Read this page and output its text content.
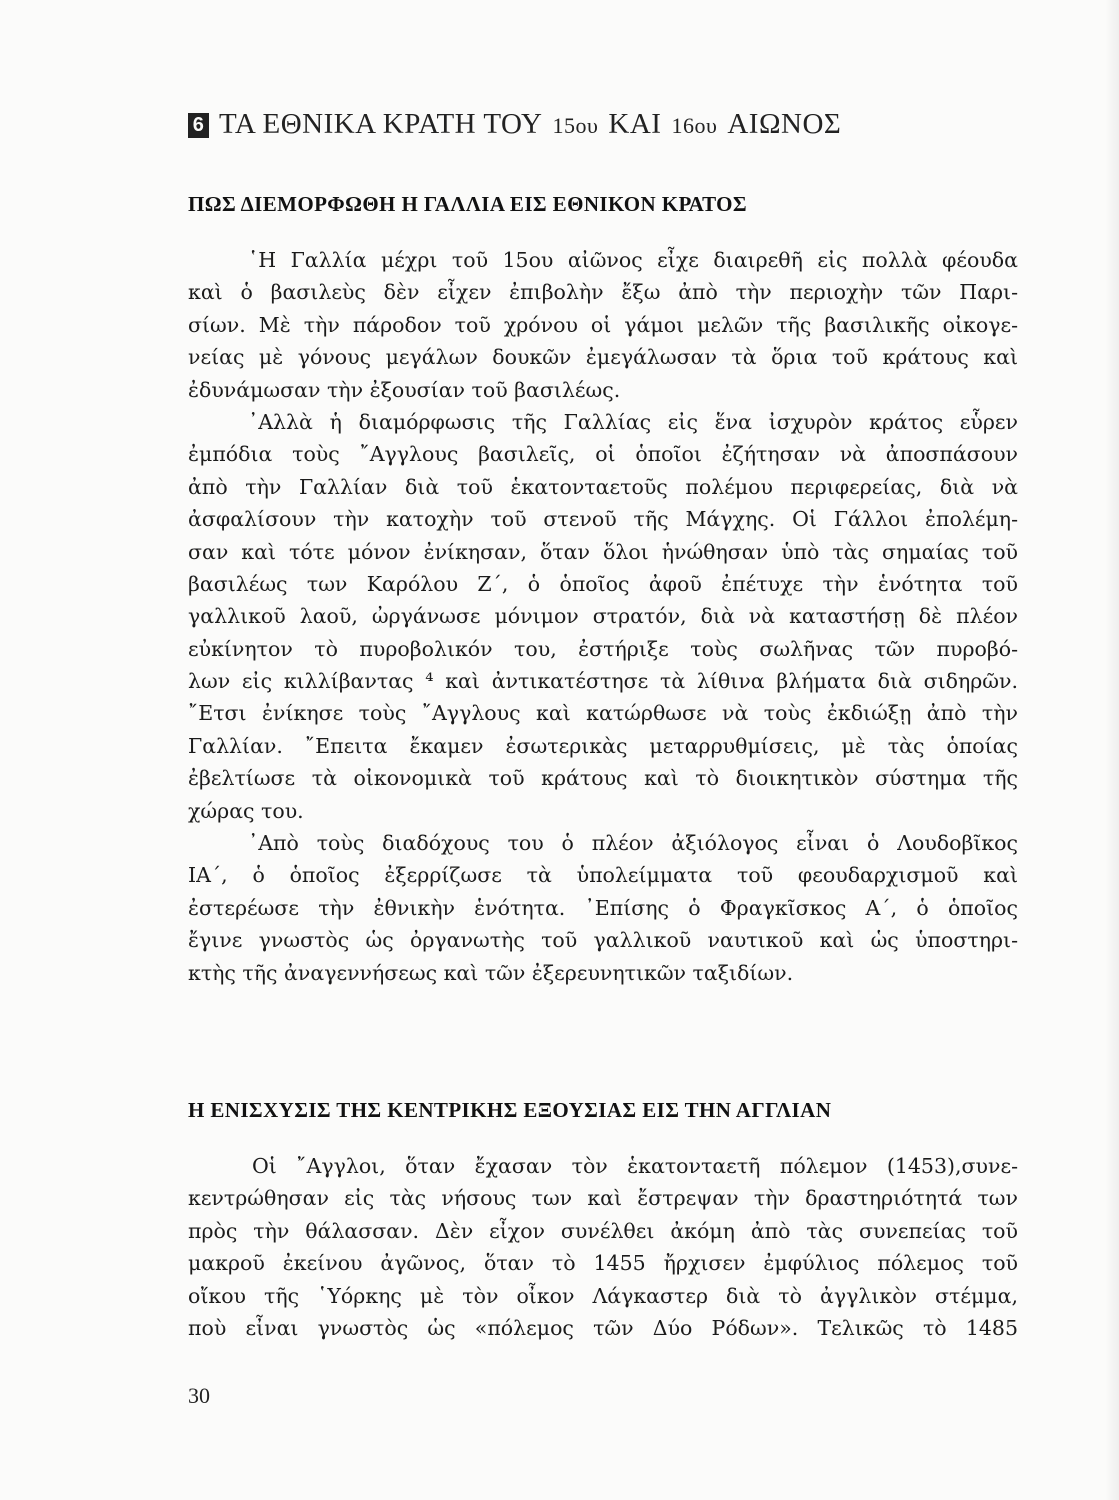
6 ΤΑ ΕΘΝΙΚΑ ΚΡΑΤΗ ΤΟΥ 15ου ΚΑΙ 16ου ΑΙΩΝΟΣ
ΠΩΣ ΔΙΕΜΟΡΦΩΘΗ Η ΓΑΛΛΙΑ ΕΙΣ ΕΘΝΙΚΟΝ ΚΡΑΤΟΣ
῾Η Γαλλία μέχρι τοῦ 15ου αἰῶνος εἶχε διαιρεθῆ εἰς πολλὰ φέουδα
καὶ ὁ βασιλεὺς δὲν εἶχεν ἐπιβολὴν ἔξω ἀπὸ τὴν περιοχὴν τῶν Παρι-
σίων. Μὲ τὴν πάροδον τοῦ χρόνου οἱ γάμοι μελῶν τῆς βασιλικῆς οἰκογε-
νείας μὲ γόνους μεγάλων δουκῶν ἐμεγάλωσαν τὰ ὅρια τοῦ κράτους καὶ
ἐδυνάμωσαν τὴν ἐξουσίαν τοῦ βασιλέως.
᾿Αλλὰ ἡ διαμόρφωσις τῆς Γαλλίας εἰς ἕνα ἰσχυρὸν κράτος εὗρεν
ἐμπόδια τοὺς ῎Αγγλους βασιλεῖς, οἱ ὁποῖοι ἐζήτησαν νὰ ἀποσπάσουν
ἀπὸ τὴν Γαλλίαν διὰ τοῦ ἑκατονταετοῦς πολέμου περιφερείας, διὰ νὰ
ἀσφαλίσουν τὴν κατοχὴν τοῦ στενοῦ τῆς Μάγχης. Οἱ Γάλλοι ἐπολέμη-
σαν καὶ τότε μόνον ἐνίκησαν, ὅταν ὅλοι ἡνώθησαν ὑπὸ τὰς σημαίας τοῦ
βασιλέως των Καρόλου Ζ΄, ὁ ὁποῖος ἀφοῦ ἐπέτυχε τὴν ἑνότητα τοῦ
γαλλικοῦ λαοῦ, ὠργάνωσε μόνιμον στρατόν, διὰ νὰ καταστήσῃ δὲ πλέον
εὐκίνητον τὸ πυροβολικόν του, ἐστήριξε τοὺς σωλῆνας τῶν πυροβό-
λων εἰς κιλλίβαντας ⁴ καὶ ἀντικατέστησε τὰ λίθινα βλήματα διὰ σιδηρῶν.
῎Ετσι ἐνίκησε τοὺς ῎Αγγλους καὶ κατώρθωσε νὰ τοὺς ἐκδιώξῃ ἀπὸ τὴν
Γαλλίαν. ῎Επειτα ἔκαμεν ἐσωτερικὰς μεταρρυθμίσεις, μὲ τὰς ὁποίας
ἐβελτίωσε τὰ οἰκονομικὰ τοῦ κράτους καὶ τὸ διοικητικὸν σύστημα τῆς
χώρας του.
᾿Απὸ τοὺς διαδόχους του ὁ πλέον ἀξιόλογος εἶναι ὁ Λουδοβῖκος
ΙΑ΄, ὁ ὁποῖος ἐξερρίζωσε τὰ ὑπολείμματα τοῦ φεουδαρχισμοῦ καὶ
ἐστερέωσε τὴν ἐθνικὴν ἑνότητα. ᾿Επίσης ὁ Φραγκῖσκος Α΄, ὁ ὁποῖος
ἔγινε γνωστὸς ὡς ὀργανωτὴς τοῦ γαλλικοῦ ναυτικοῦ καὶ ὡς ὑποστηρι-
κτὴς τῆς ἀναγεννήσεως καὶ τῶν ἐξερευνητικῶν ταξιδίων.
Η ΕΝΙΣΧΥΣΙΣ ΤΗΣ ΚΕΝΤΡΙΚΗΣ ΕΞΟΥΣΙΑΣ ΕΙΣ ΤΗΝ ΑΓΓΛΙΑΝ
Οἱ ῎Αγγλοι, ὅταν ἔχασαν τὸν ἑκατονταετῆ πόλεμον (1453),συνε-
κεντρώθησαν εἰς τὰς νήσους των καὶ ἔστρεψαν τὴν δραστηριότητά των
πρὸς τὴν θάλασσαν. Δὲν εἶχον συνέλθει ἀκόμη ἀπὸ τὰς συνεπείας τοῦ
μακροῦ ἐκείνου ἀγῶνος, ὅταν τὸ 1455 ἤρχισεν ἐμφύλιος πόλεμος τοῦ
οἴκου τῆς ῾Υόρκης μὲ τὸν οἶκον Λάγκαστερ διὰ τὸ ἀγγλικὸν στέμμα,
ποὺ εἶναι γνωστὸς ὡς «πόλεμος τῶν Δύο Ρόδων». Τελικῶς τὸ 1485
30
